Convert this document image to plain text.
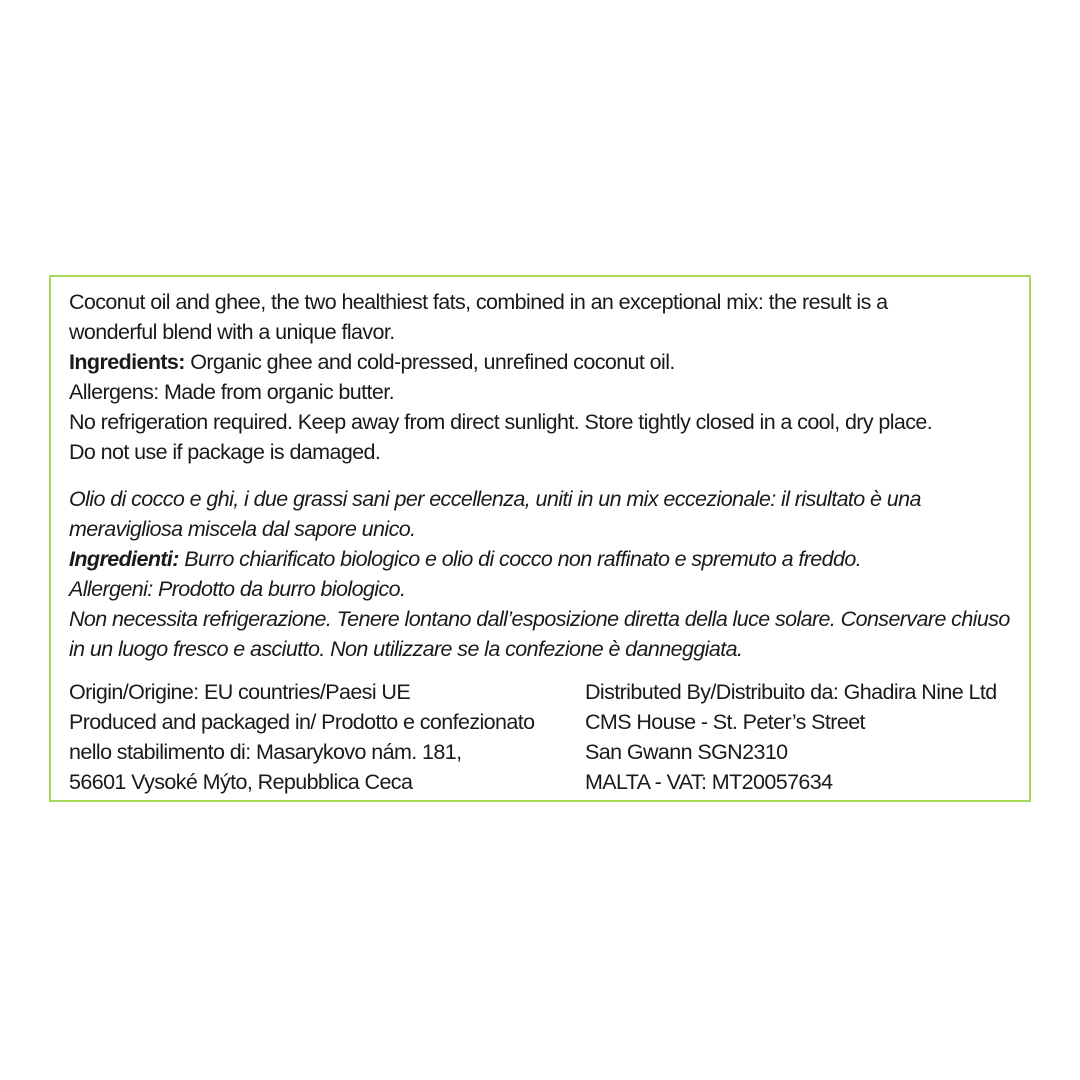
Coconut oil and ghee, the two healthiest fats, combined in an exceptional mix: the result is a
wonderful blend with a unique flavor.
Ingredients: Organic ghee and cold-pressed, unrefined coconut oil.
Allergens: Made from organic butter.
No refrigeration required. Keep away from direct sunlight. Store tightly closed in a cool, dry place.
Do not use if package is damaged.
Olio di cocco e ghi, i due grassi sani per eccellenza, uniti in un mix eccezionale: il risultato è una
meravigliosa miscela dal sapore unico.
Ingredienti: Burro chiarificato biologico e olio di cocco non raffinato e spremuto a freddo.
Allergeni: Prodotto da burro biologico.
Non necessita refrigerazione. Tenere lontano dall’esposizione diretta della luce solare. Conservare chiuso
in un luogo fresco e asciutto. Non utilizzare se la confezione è danneggiata.
Origin/Origine: EU countries/Paesi UE
Produced and packaged in/ Prodotto e confezionato
nello stabilimento di: Masarykovo nám. 181,
56601 Vysoké Mýto, Repubblica Ceca
Distributed By/Distribuito da: Ghadira Nine Ltd
CMS House - St. Peter’s Street
San Gwann SGN2310
MALTA - VAT: MT20057634
